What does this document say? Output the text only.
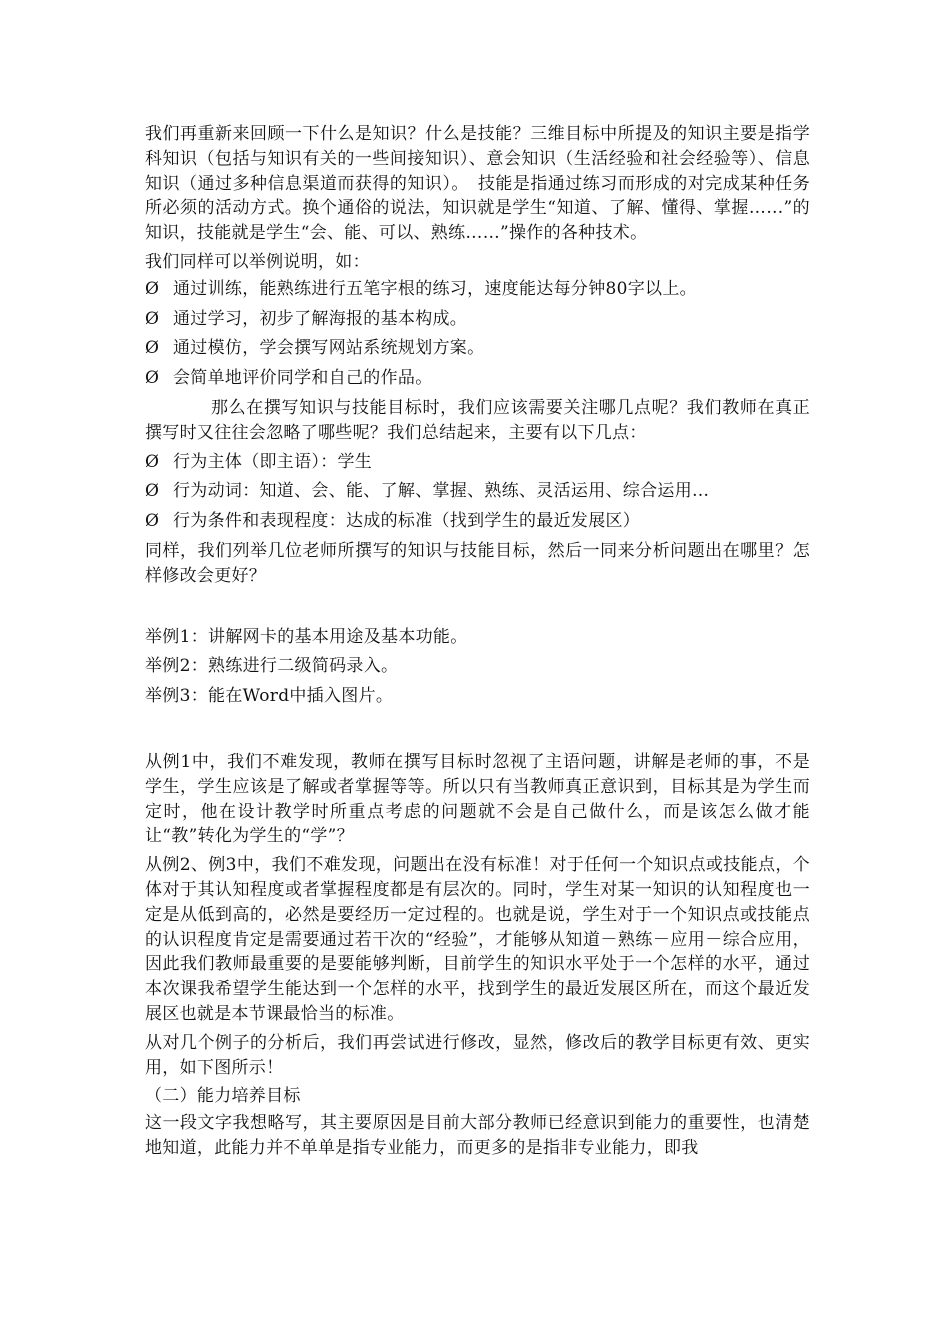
我们再重新来回顾一下什么是知识？什么是技能？三维目标中所提及的知识主要是指学科知识（包括与知识有关的一些间接知识）、意会知识（生活经验和社会经验等）、信息知识（通过多种信息渠道而获得的知识）。　技能是指通过练习而形成的对完成某种任务所必须的活动方式。换个通俗的说法，知识就是学生“知道、了解、懂得、掌握……”的知识，技能就是学生“会、能、可以、熟练……”操作的各种技术。

我们同样可以举例说明，如：

Ø 通过训练，能熟练进行五笔字根的练习，速度能达每分钟80字以上。
Ø 通过学习，初步了解海报的基本构成。
Ø 通过模仿，学会撰写网站系统规划方案。
Ø 会简单地评价同学和自己的作品。

那么在撰写知识与技能目标时，我们应该需要关注哪几点呢？我们教师在真正撰写时又往往会忽略了哪些呢？我们总结起来，主要有以下几点：

Ø 行为主体（即主语）：学生
Ø 行为动词：知道、会、能、了解、掌握、熟练、灵活运用、综合运用…
Ø 行为条件和表现程度：达成的标准（找到学生的最近发展区）

同样，我们列举几位老师所撰写的知识与技能目标，然后一同来分析问题出在哪里？怎样修改会更好？

举例1：讲解网卡的基本用途及基本功能。
举例2：熟练进行二级简码录入。
举例3：能在Word中插入图片。

从例1中，我们不难发现，教师在撰写目标时忽视了主语问题，讲解是老师的事，不是学生，学生应该是了解或者掌握等等。所以只有当教师真正意识到，目标其是为学生而定时，他在设计教学时所重点考虑的问题就不会是自己做什么，而是该怎么做才能让“教”转化为学生的“学”？

从例2、例3中，我们不难发现，问题出在没有标准！对于任何一个知识点或技能点，个体对于其认知程度或者掌握程度都是有层次的。同时，学生对某一知识的认知程度也一定是从低到高的，必然是要经历一定过程的。也就是说，学生对于一个知识点或技能点的认识程度肯定是需要通过若干次的“经验”，才能够从知道－熟练－应用－综合应用，因此我们教师最重要的是要能够判断，目前学生的知识水平处于一个怎样的水平，通过本次课我希望学生能达到一个怎样的水平，找到学生的最近发展区所在，而这个最近发展区也就是本节课最恰当的标准。

从对几个例子的分析后，我们再尝试进行修改，显然，修改后的教学目标更有效、更实用，如下图所示！

（二）能力培养目标

这一段文字我想略写，其主要原因是目前大部分教师已经意识到能力的重要性，也清楚地知道，此能力并不单单是指专业能力，而更多的是指非专业能力，即我
